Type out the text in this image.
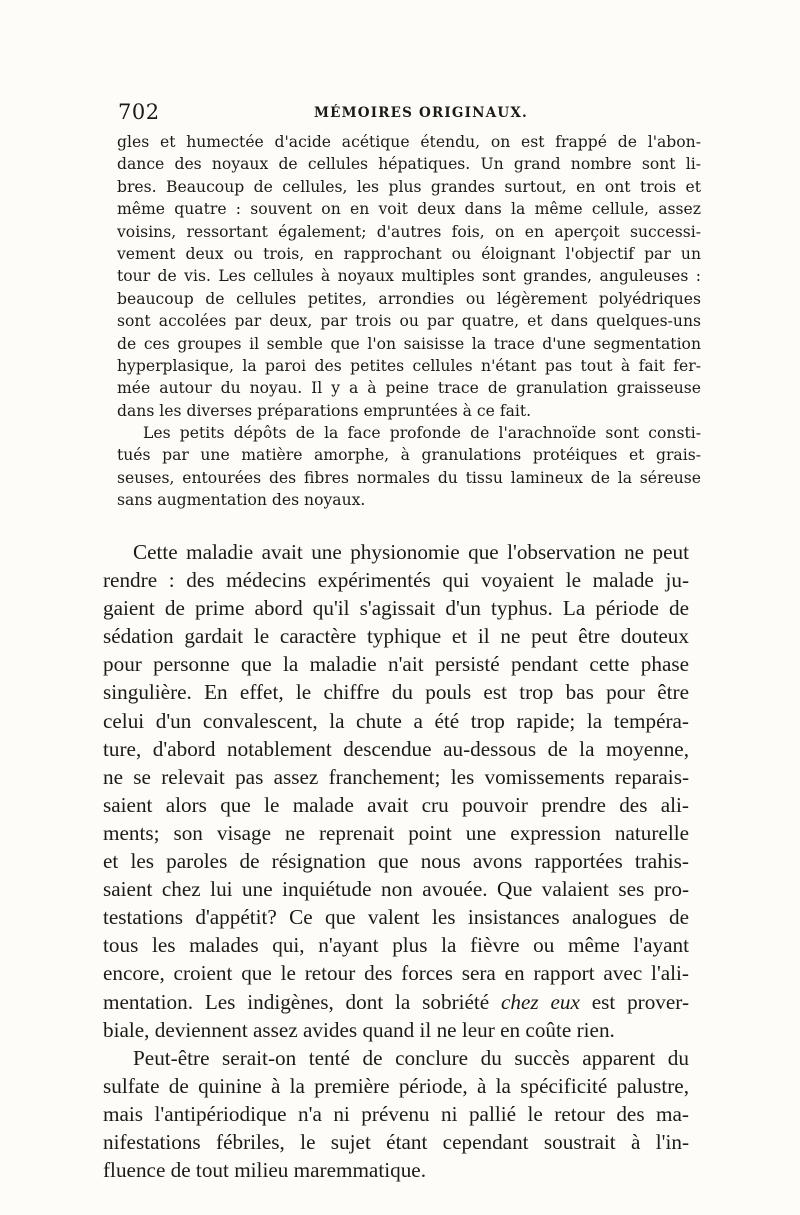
702	MÉMOIRES ORIGINAUX.
gles et humectée d'acide acétique étendu, on est frappé de l'abon-
dance des noyaux de cellules hépatiques. Un grand nombre sont li-
bres. Beaucoup de cellules, les plus grandes surtout, en ont trois et
même quatre : souvent on en voit deux dans la même cellule, assez
voisins, ressortant également; d'autres fois, on en aperçoit successi-
vement deux ou trois, en rapprochant ou éloignant l'objectif par un
tour de vis. Les cellules à noyaux multiples sont grandes, anguleuses :
beaucoup de cellules petites, arrondies ou légèrement polyédriques
sont accolées par deux, par trois ou par quatre, et dans quelques-uns
de ces groupes il semble que l'on saisisse la trace d'une segmentation
hyperplasique, la paroi des petites cellules n'étant pas tout à fait fer-
mée autour du noyau. Il y a à peine trace de granulation graisseuse
dans les diverses préparations empruntées à ce fait.
Les petits dépôts de la face profonde de l'arachnoïde sont consti-
tués par une matière amorphe, à granulations protéiques et grais-
seuses, entourées des fibres normales du tissu lamineux de la séreuse
sans augmentation des noyaux.
Cette maladie avait une physionomie que l'observation ne peut
rendre : des médecins expérimentés qui voyaient le malade ju-
gaient de prime abord qu'il s'agissait d'un typhus. La période de
sédation gardait le caractère typhique et il ne peut être douteux
pour personne que la maladie n'ait persisté pendant cette phase
singulière. En effet, le chiffre du pouls est trop bas pour être
celui d'un convalescent, la chute a été trop rapide; la tempéra-
ture, d'abord notablement descendue au-dessous de la moyenne,
ne se relevait pas assez franchement; les vomissements reparais-
saient alors que le malade avait cru pouvoir prendre des ali-
ments; son visage ne reprenait point une expression naturelle
et les paroles de résignation que nous avons rapportées trahis-
saient chez lui une inquiétude non avouée. Que valaient ses pro-
testations d'appétit? Ce que valent les insistances analogues de
tous les malades qui, n'ayant plus la fièvre ou même l'ayant
encore, croient que le retour des forces sera en rapport avec l'ali-
mentation. Les indigènes, dont la sobriété chez eux est prover-
biale, deviennent assez avides quand il ne leur en coûte rien.
Peut-être serait-on tenté de conclure du succès apparent du
sulfate de quinine à la première période, à la spécificité palustre,
mais l'antipériodique n'a ni prévenu ni pallié le retour des ma-
nifestations fébriles, le sujet étant cependant soustrait à l'in-
fluence de tout milieu maremmatique.
